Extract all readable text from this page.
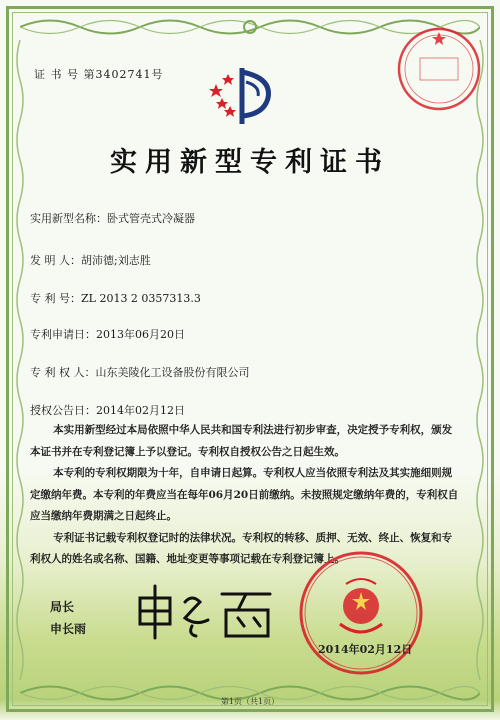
证 书 号 第3402741号
实用新型专利证书
实用新型名称：卧式管壳式冷凝器
发 明 人：胡沛德;刘志胜
专 利 号：ZL 2013 2 0357313.3
专利申请日：2013年06月20日
专 利 权 人：山东美陵化工设备股份有限公司
授权公告日：2014年02月12日

本实用新型经过本局依照中华人民共和国专利法进行初步审查，决定授予专利权，颁发本证书并在专利登记簿上予以登记。专利权自授权公告之日起生效。

本专利的专利权期限为十年，自申请日起算。专利权人应当依照专利法及其实施细则规定缴纳年费。本专利的年费应当在每年06月20日前缴纳。未按照规定缴纳年费的，专利权自应当缴纳年费期满之日起终止。

专利证书记载专利权登记时的法律状况。专利权的转移、质押、无效、终止、恢复和专利权人的姓名或名称、国籍、地址变更等事项记载在专利登记簿上。

局长
申长雨
2014年02月12日
第1页（共1页）
